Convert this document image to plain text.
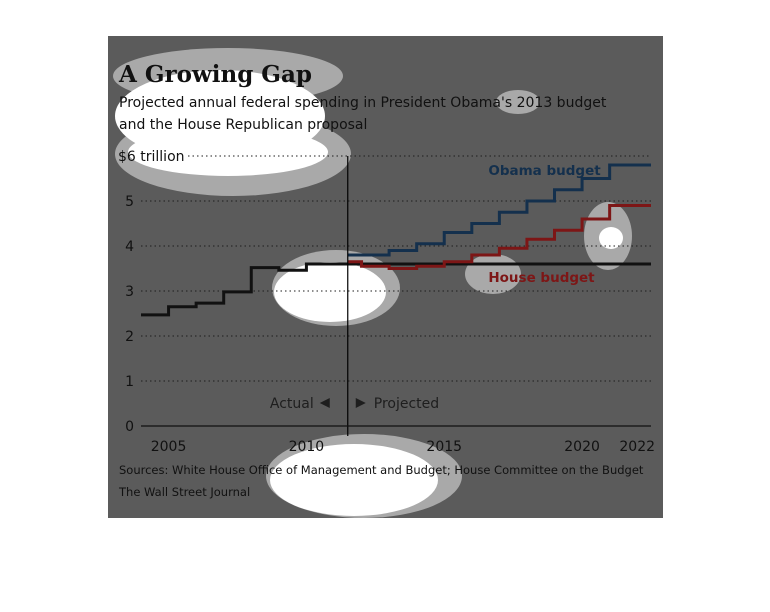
A Growing Gap
Projected annual federal spending in President Obama's 2013 budget
and the House Republican proposal
0
1
2
3
4
5
$6 trillion
2005	2010	2015	2020 2022
Actual	Projected
Obama budget
House budget
Sources: White House Office of Management and Budget; House Committee on the Budget
The Wall Street Journal
